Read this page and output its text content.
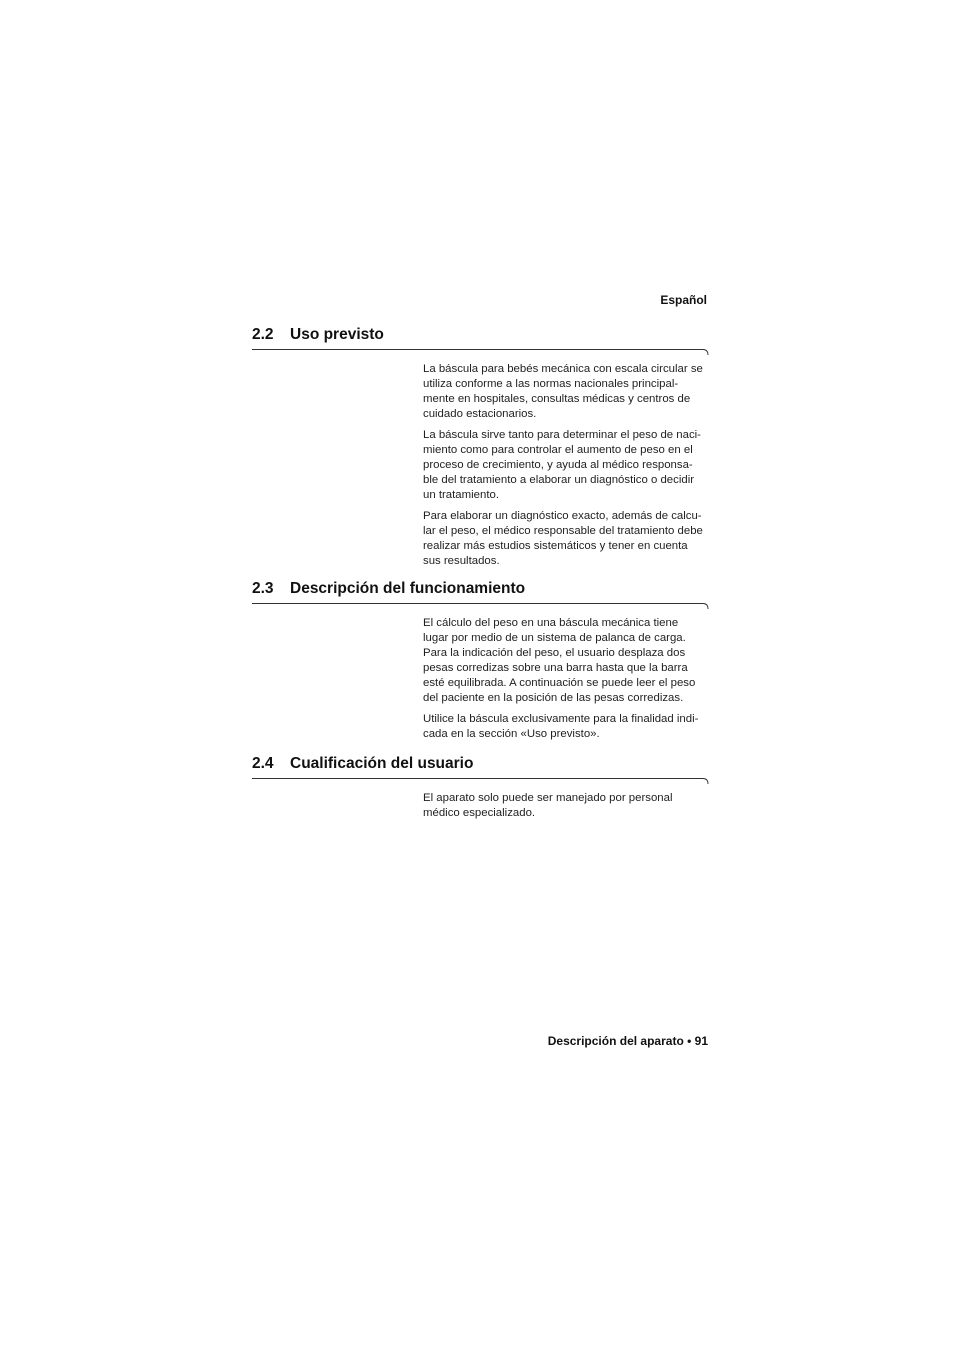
Español
2.2 Uso previsto

La báscula para bebés mecánica con escala circular se
utiliza conforme a las normas nacionales principal-
mente en hospitales, consultas médicas y centros de
cuidado estacionarios.

La báscula sirve tanto para determinar el peso de naci-
miento como para controlar el aumento de peso en el
proceso de crecimiento, y ayuda al médico responsa-
ble del tratamiento a elaborar un diagnóstico o decidir
un tratamiento.

Para elaborar un diagnóstico exacto, además de calcu-
lar el peso, el médico responsable del tratamiento debe
realizar más estudios sistemáticos y tener en cuenta
sus resultados.

2.3 Descripción del funcionamiento

El cálculo del peso en una báscula mecánica tiene
lugar por medio de un sistema de palanca de carga.
Para la indicación del peso, el usuario desplaza dos
pesas corredizas sobre una barra hasta que la barra
esté equilibrada. A continuación se puede leer el peso
del paciente en la posición de las pesas corredizas.

Utilice la báscula exclusivamente para la finalidad indi-
cada en la sección «Uso previsto».

2.4 Cualificación del usuario

El aparato solo puede ser manejado por personal
médico especializado.

Descripción del aparato • 91
